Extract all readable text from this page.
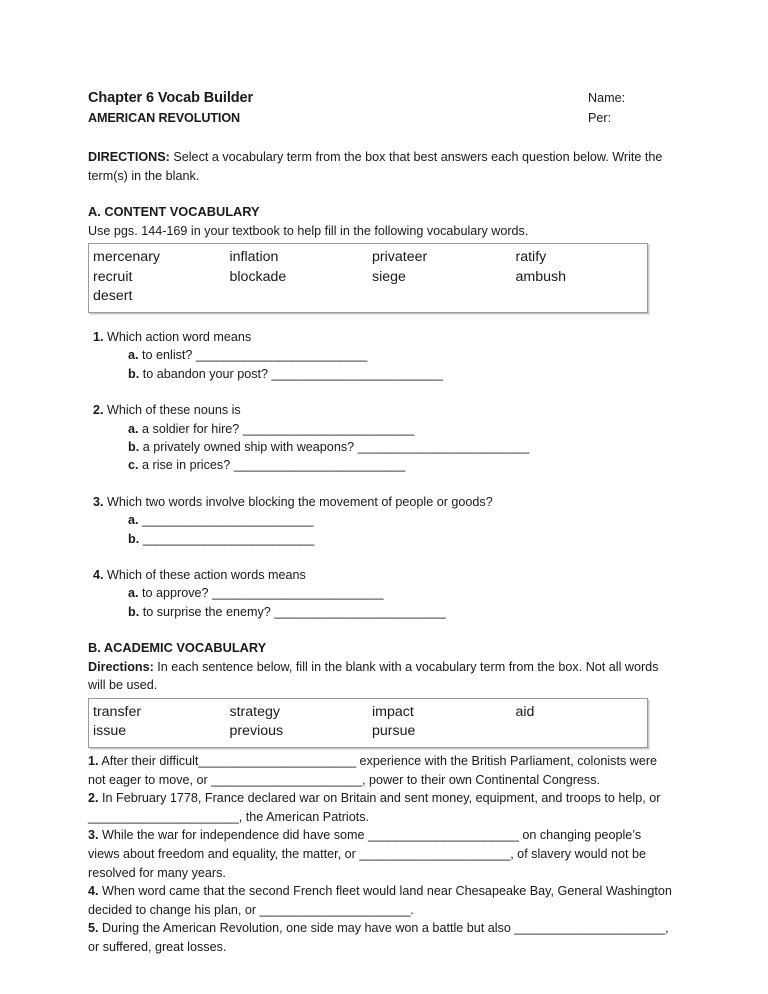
Chapter 6 Vocab Builder
AMERICAN REVOLUTION
Name:
Per:

DIRECTIONS: Select a vocabulary term from the box that best answers each question below. Write the term(s) in the blank.

A. CONTENT VOCABULARY

Use pgs. 144-169 in your textbook to help fill in the following vocabulary words.

mercenary	inflation	privateer	ratify
recruit	blockade	siege	ambush
desert
1. Which action word means
a. to enlist? _________________________
b. to abandon your post? _________________________
2. Which of these nouns is
a. a soldier for hire? _________________________
b. a privately owned ship with weapons? _________________________
c. a rise in prices? _________________________
3. Which two words involve blocking the movement of people or goods?
a. _________________________
b. _________________________
4. Which of these action words means
a. to approve? _________________________
b. to surprise the enemy? _________________________
B. ACADEMIC VOCABULARY

Directions: In each sentence below, fill in the blank with a vocabulary term from the box. Not all words will be used.

transfer	strategy	impact	aid
issue	previous	pursue

1. After their difficult_______________________ experience with the British Parliament, colonists were not eager to move, or ______________________, power to their own Continental Congress.

2. In February 1778, France declared war on Britain and sent money, equipment, and troops to help, or ______________________, the American Patriots.

3. While the war for independence did have some ______________________ on changing people’s views about freedom and equality, the matter, or ______________________, of slavery would not be resolved for many years.

4. When word came that the second French fleet would land near Chesapeake Bay, General Washington decided to change his plan, or ______________________.

5. During the American Revolution, one side may have won a battle but also ______________________, or suffered, great losses.
